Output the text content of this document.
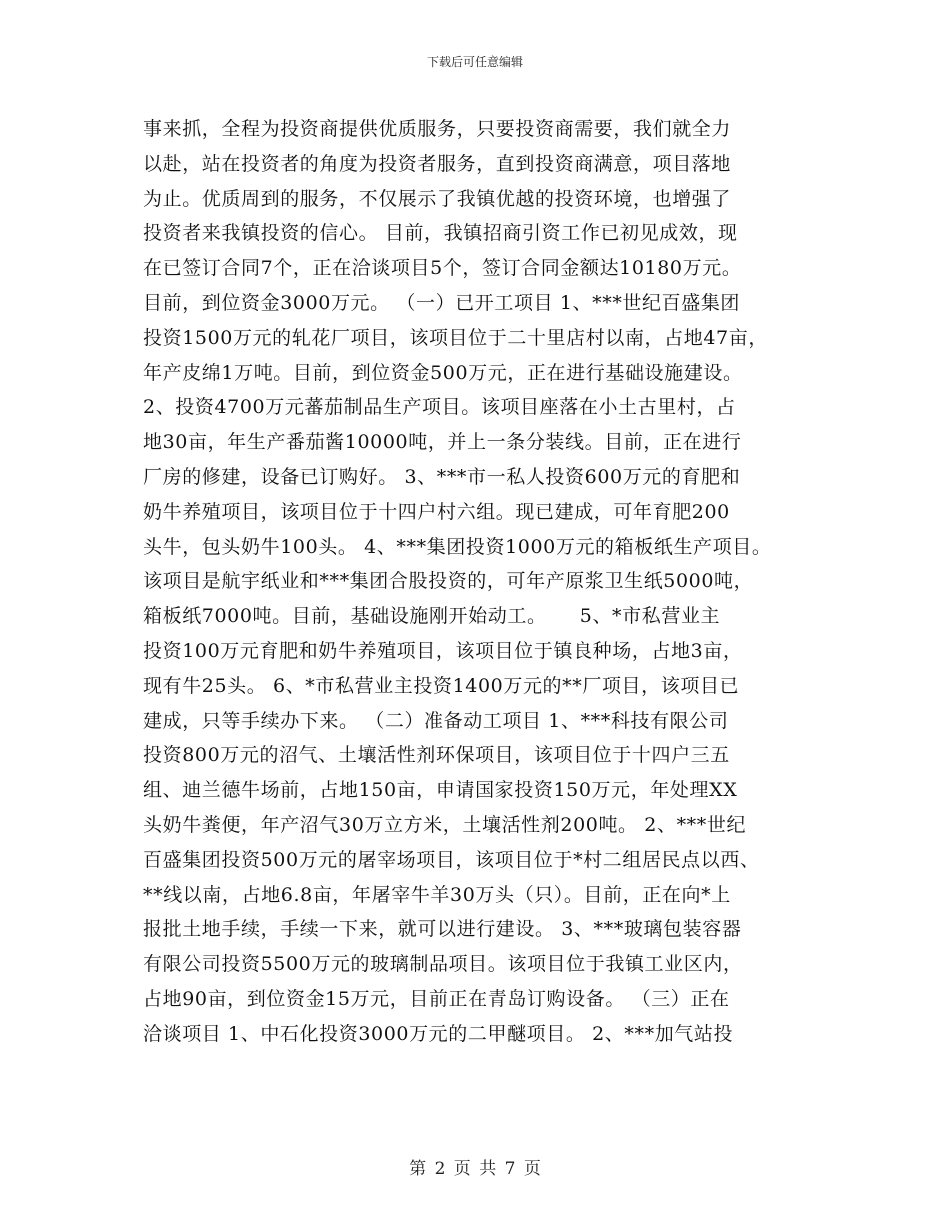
下载后可任意编辑
事来抓，全程为投资商提供优质服务，只要投资商需要，我们就全力
以赴，站在投资者的角度为投资者服务，直到投资商满意，项目落地
为止。优质周到的服务，不仅展示了我镇优越的投资环境，也增强了
投资者来我镇投资的信心。 目前，我镇招商引资工作已初见成效，现
在已签订合同7个，正在洽谈项目5个，签订合同金额达10180万元。
目前，到位资金3000万元。 （一）已开工项目 1、***世纪百盛集团
投资1500万元的轧花厂项目，该项目位于二十里店村以南，占地47亩，
年产皮绵1万吨。目前，到位资金500万元，正在进行基础设施建设。
2、投资4700万元蕃茄制品生产项目。该项目座落在小土古里村，占
地30亩，年生产番茄酱10000吨，并上一条分装线。目前，正在进行
厂房的修建，设备已订购好。 3、***市一私人投资600万元的育肥和
奶牛养殖项目，该项目位于十四户村六组。现已建成，可年育肥200
头牛，包头奶牛100头。 4、***集团投资1000万元的箱板纸生产项目。
该项目是航宇纸业和***集团合股投资的，可年产原浆卫生纸5000吨，
箱板纸7000吨。目前，基础设施刚开始动工。     5、*市私营业主
投资100万元育肥和奶牛养殖项目，该项目位于镇良种场，占地3亩，
现有牛25头。 6、*市私营业主投资1400万元的**厂项目，该项目已
建成，只等手续办下来。 （二）准备动工项目 1、***科技有限公司
投资800万元的沼气、土壤活性剂环保项目，该项目位于十四户三五
组、迪兰德牛场前，占地150亩，申请国家投资150万元，年处理XX
头奶牛粪便，年产沼气30万立方米，土壤活性剂200吨。 2、***世纪
百盛集团投资500万元的屠宰场项目，该项目位于*村二组居民点以西、
**线以南，占地6.8亩，年屠宰牛羊30万头（只）。目前，正在向*上
报批土地手续，手续一下来，就可以进行建设。 3、***玻璃包装容器
有限公司投资5500万元的玻璃制品项目。该项目位于我镇工业区内，
占地90亩，到位资金15万元，目前正在青岛订购设备。 （三）正在
洽谈项目 1、中石化投资3000万元的二甲醚项目。 2、***加气站投
第 2 页 共 7 页
